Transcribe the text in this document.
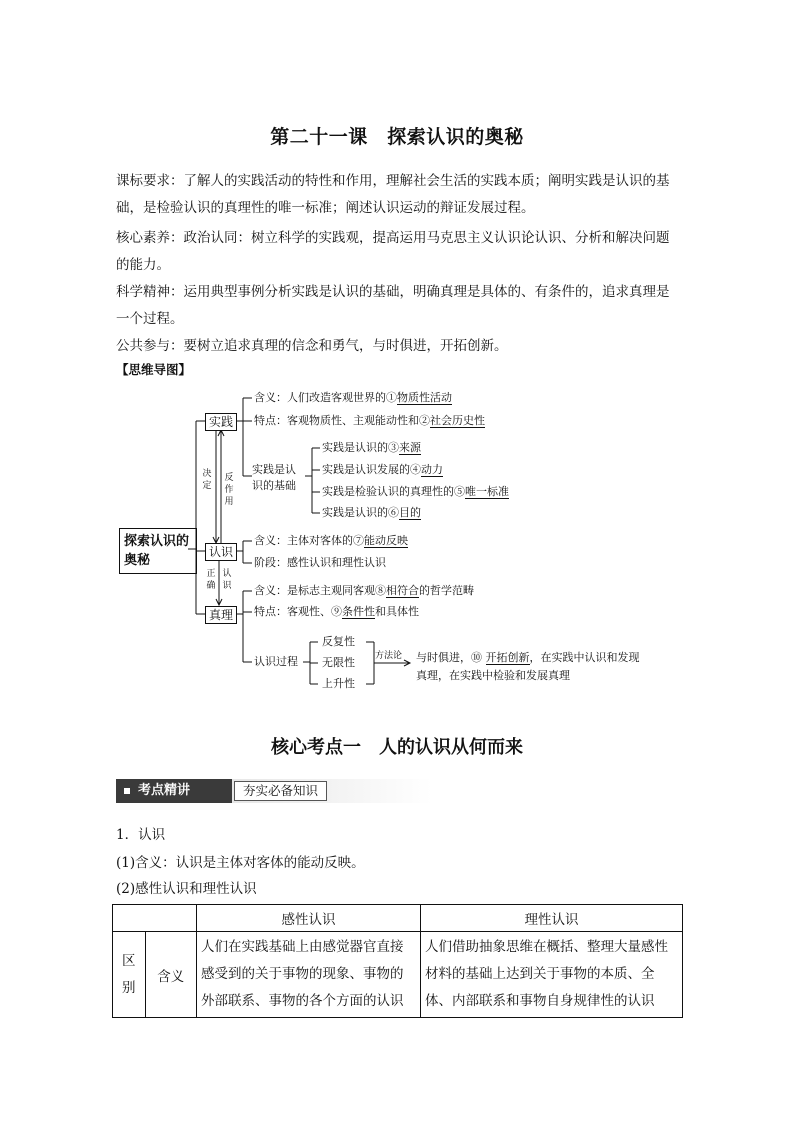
第二十一课　探索认识的奥秘
课标要求：了解人的实践活动的特性和作用，理解社会生活的实践本质；阐明实践是认识的基础，是检验认识的真理性的唯一标准；阐述认识运动的辩证发展过程。
核心素养：政治认同：树立科学的实践观，提高运用马克思主义认识论认识、分析和解决问题的能力。
科学精神：运用典型事例分析实践是认识的基础，明确真理是具体的、有条件的，追求真理是一个过程。
公共参与：要树立追求真理的信念和勇气，与时俱进，开拓创新。
【思维导图】
探索认识的奥秘
实践
认识
真理
决定
反作用
正确
认识
含义：人们改造客观世界的①物质性活动
特点：客观物质性、主观能动性和②社会历史性
实践是认识的基础
实践是认识的③来源
实践是认识发展的④动力
实践是检验认识的真理性的⑤唯一标准
实践是认识的⑥目的
含义：主体对客体的⑦能动反映
阶段：感性认识和理性认识
含义：是标志主观同客观⑧相符合的哲学范畴
特点：客观性、⑨条件性和具体性
认识过程
反复性
无限性
上升性
方法论 与时俱进，⑩ 开拓创新，在实践中认识和发现真理，在实践中检验和发展真理
核心考点一　人的认识从何而来
考点精讲	夯实必备知识
1．认识
(1)含义：认识是主体对客体的能动反映。
(2)感性认识和理性认识
		感性认识	理性认识
区别	含义	人们在实践基础上由感觉器官直接感受到的关于事物的现象、事物的外部联系、事物的各个方面的认识	人们借助抽象思维在概括、整理大量感性材料的基础上达到关于事物的本质、全体、内部联系和事物自身规律性的认识
